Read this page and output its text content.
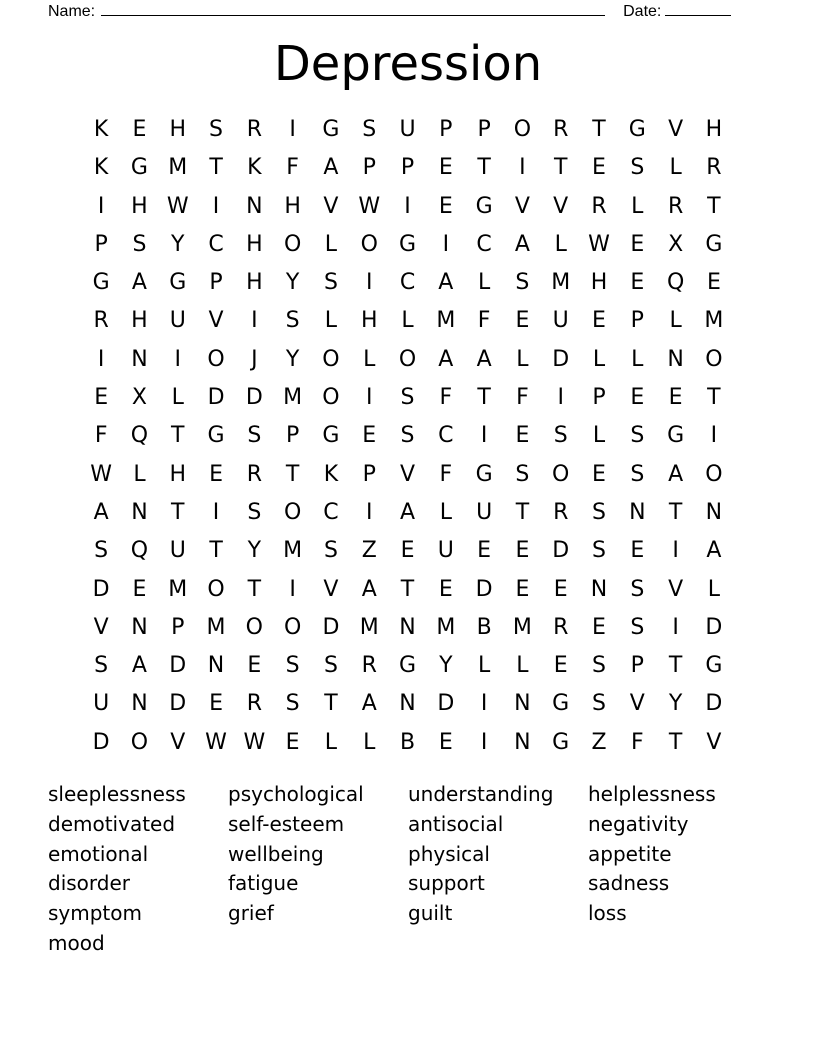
Name:	Date:
Depression
K	E	H	S	R	I	G	S	U	P	P	O R	T	G	V	H
K	G M	T	K	F	A	P	P	E	T	I	T	E	S	L	R
I	H W	I	N H	V W	I	E	G	V	V	R	L	R	T
P	S	Y	C	H O	L	O G	I	C	A	L W E	X	G
G	A	G	P	H	Y	S	I	C	A	L	S M H	E	Q	E
R	H U	V	I	S	L	H	L	M	F	E	U	E	P	L	M
I	N	I	O	J	Y	O	L	O	A	A	L	D	L	L	N O
E	X	L	D D M O	I	S	F	T	F	I	P	E	E	T
F	Q	T	G	S	P	G	E	S	C	I	E	S	L	S	G	I
W L	H	E	R	T	K	P	V	F	G	S	O	E	S	A	O
A	N	T	I	S	O C	I	A	L	U	T	R	S	N	T	N
S	Q U	T	Y	M S	Z	E	U	E	E	D	S	E	I	A
D	E M O	T	I	V	A	T	E	D	E	E	N	S	V	L
V	N	P	M O O D M N M B M R	E	S	I	D
S	A	D N	E	S	S	R	G	Y	L	L	E	S	P	T	G
U	N D	E	R	S	T	A	N D	I	N G	S	V	Y	D
D O	V W W E	L	L	B	E	I	N G	Z	F	T	V
sleeplessness	psychological	understanding	helplessness
demotivated	self-esteem	antisocial	negativity
emotional	wellbeing	physical	appetite
disorder	fatigue	support	sadness
symptom	grief	guilt	loss
mood
